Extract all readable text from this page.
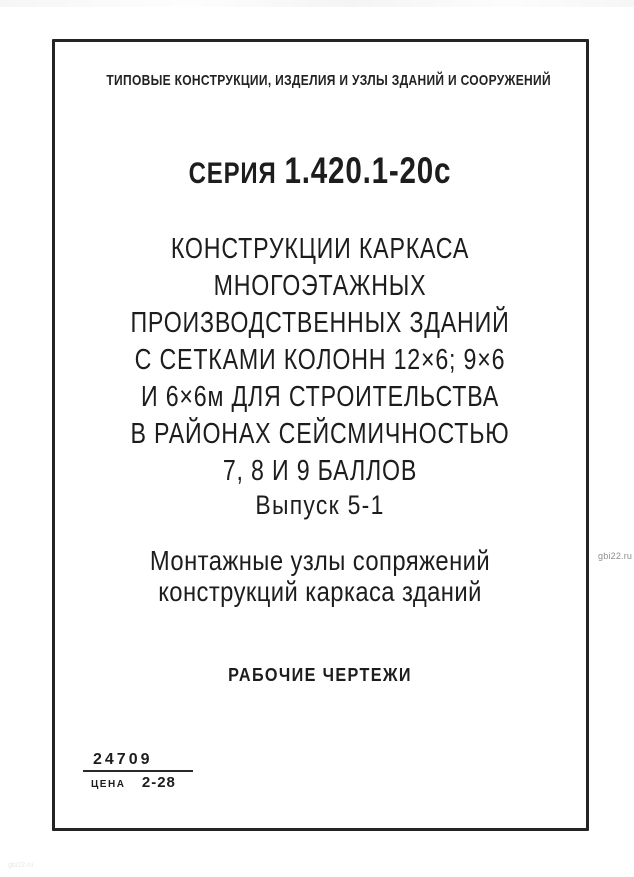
ТИПОВЫЕ КОНСТРУКЦИИ, ИЗДЕЛИЯ И УЗЛЫ ЗДАНИЙ И СООРУЖЕНИЙ
СЕРИЯ 1.420.1-20с
КОНСТРУКЦИИ КАРКАСА
МНОГОЭТАЖНЫХ
ПРОИЗВОДСТВЕННЫХ ЗДАНИЙ
С СЕТКАМИ КОЛОНН 12×6; 9×6
И 6×6м ДЛЯ СТРОИТЕЛЬСТВА
В РАЙОНАХ СЕЙСМИЧНОСТЬЮ
7, 8 И 9 БАЛЛОВ
Выпуск 5-1
Монтажные узлы сопряжений
конструкций каркаса зданий
РАБОЧИЕ ЧЕРТЕЖИ
24709
ЦЕНА 2-28
gbi22.ru
gbi22.ru
